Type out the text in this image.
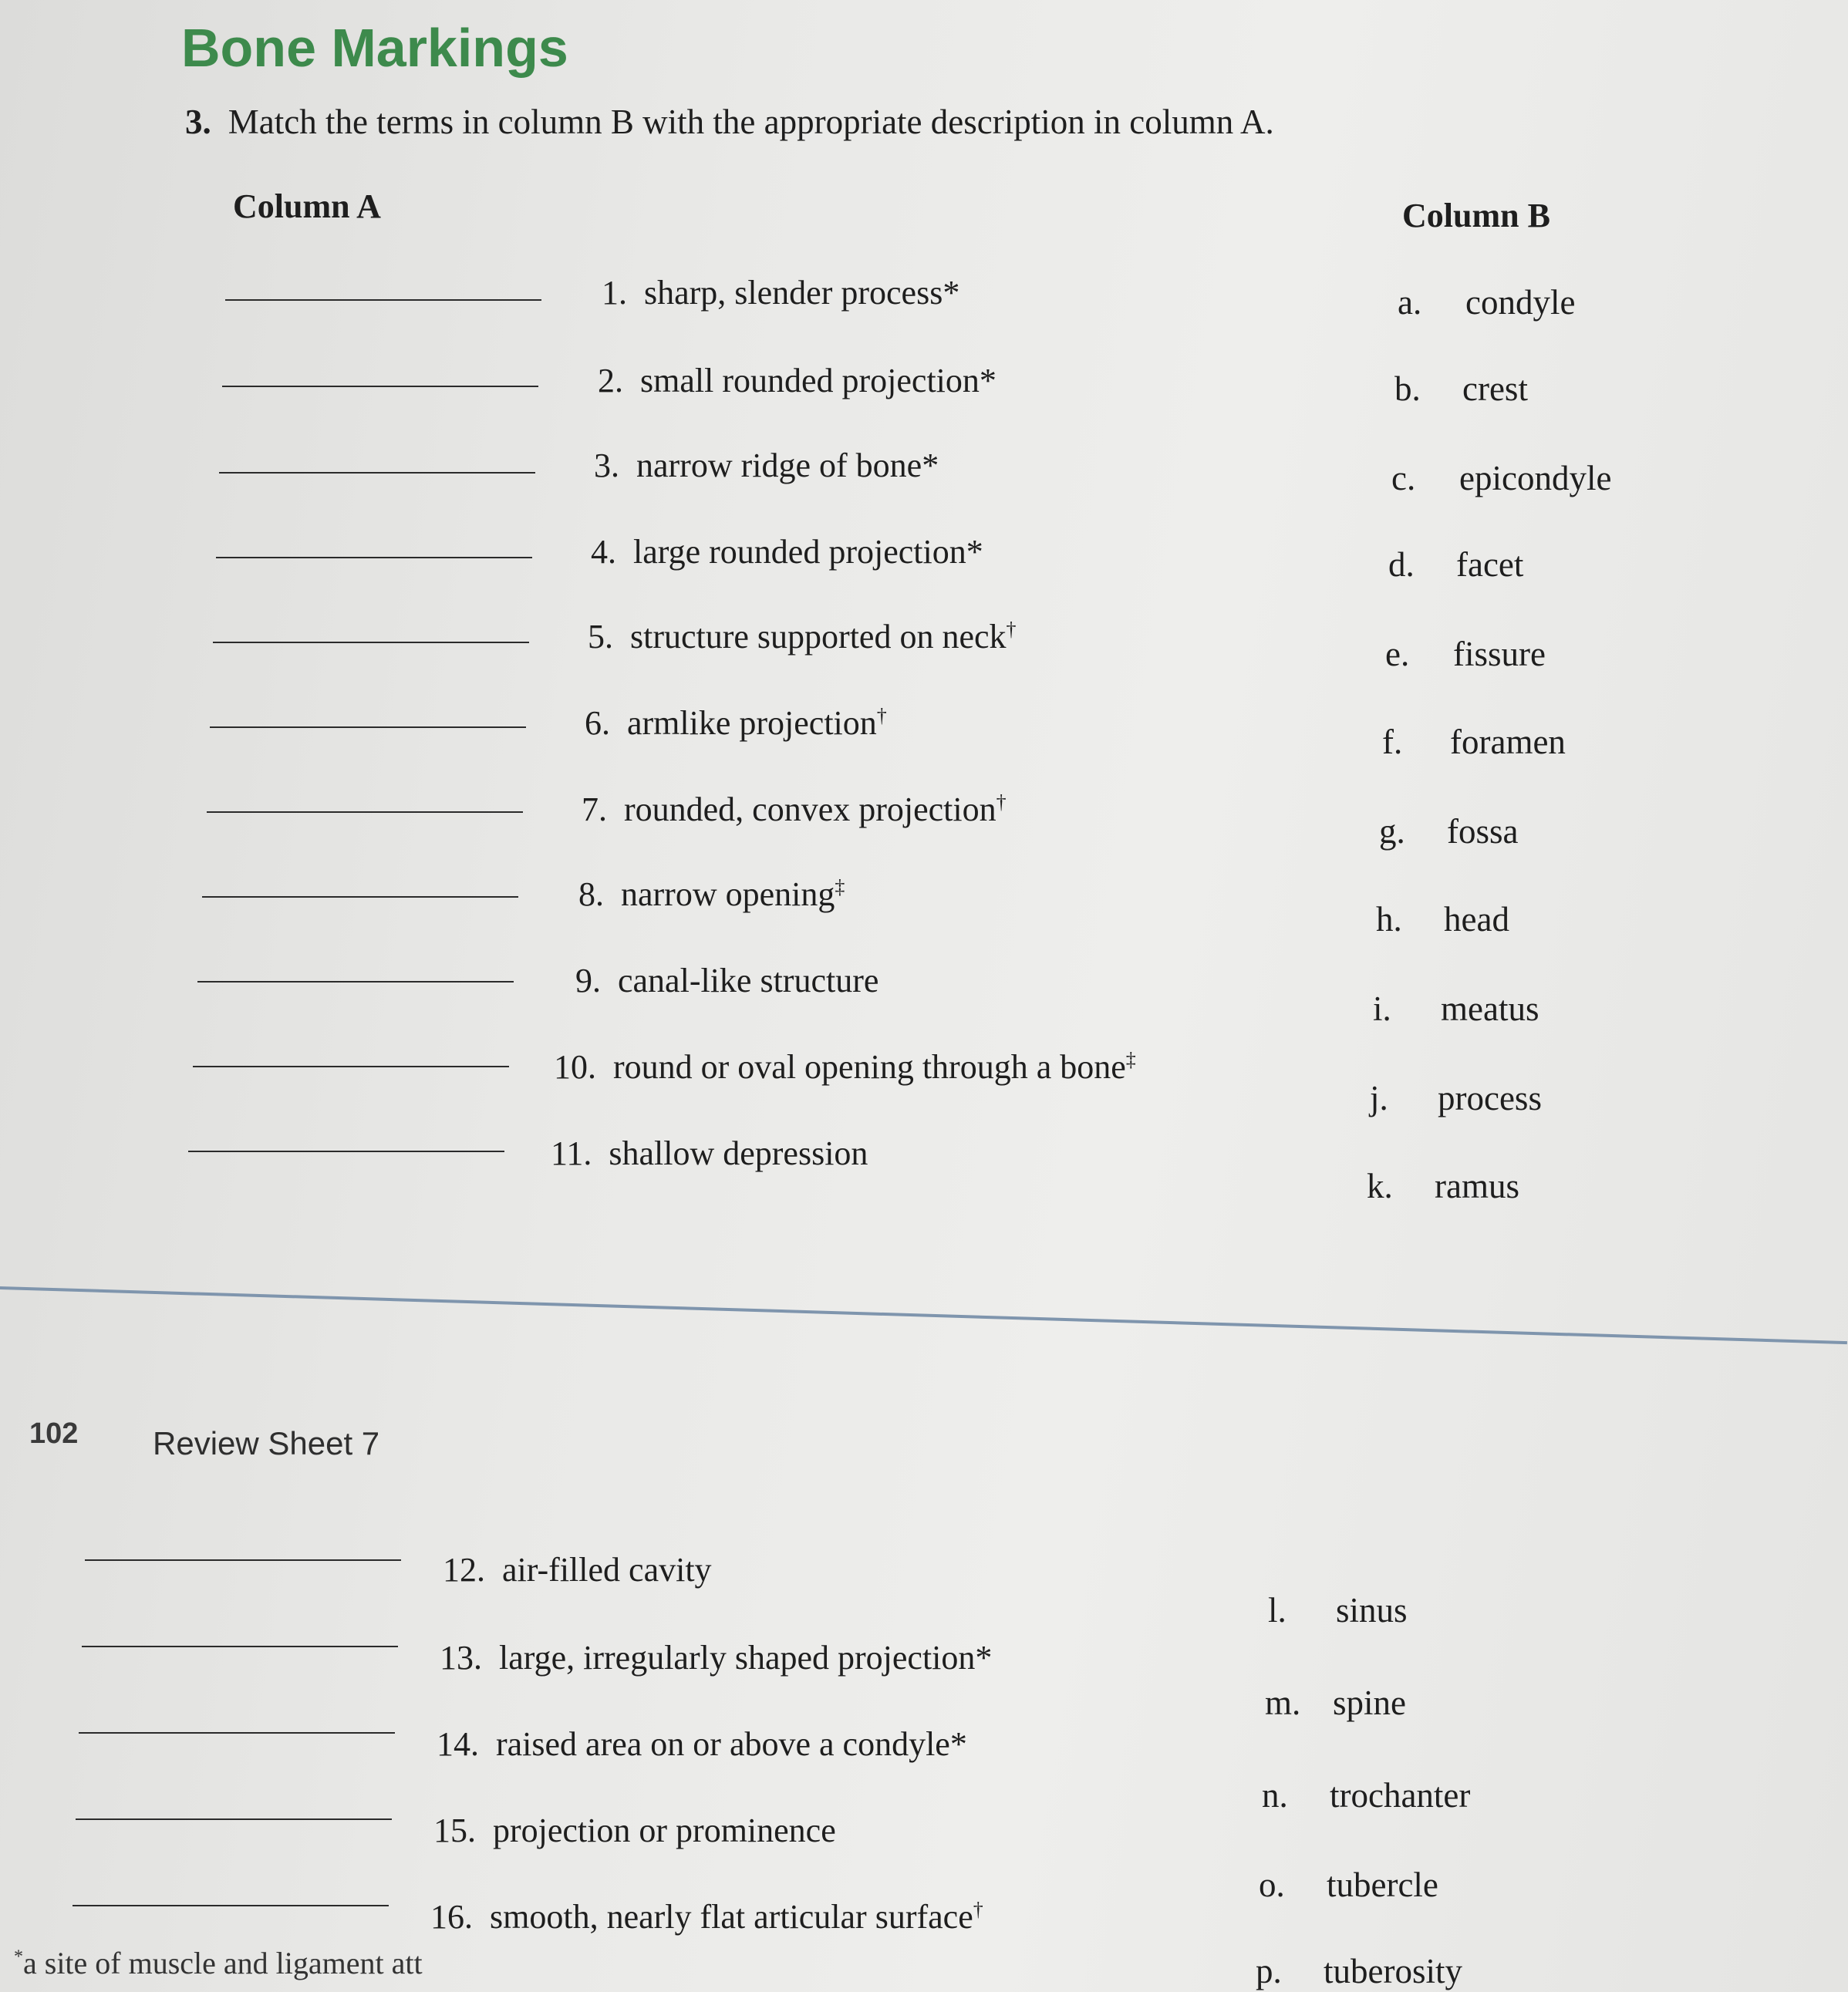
Bone Markings
3. Match the terms in column B with the appropriate description in column A.
Column A	Column B
1. sharp, slender process*
2. small rounded projection*
3. narrow ridge of bone*
4. large rounded projection*
5. structure supported on neck†
6. armlike projection†
7. rounded, convex projection†
8. narrow opening‡
9. canal-like structure
10. round or oval opening through a bone‡
11. shallow depression
12. air-filled cavity
13. large, irregularly shaped projection*
14. raised area on or above a condyle*
15. projection or prominence
16. smooth, nearly flat articular surface†
a. condyle
b. crest
c. epicondyle
d. facet
e. fissure
f. foramen
g. fossa
h. head
i. meatus
j. process
k. ramus
l. sinus
m. spine
n. trochanter
o. tubercle
p. tuberosity
102 Review Sheet 7
*a site of muscle and ligament att
